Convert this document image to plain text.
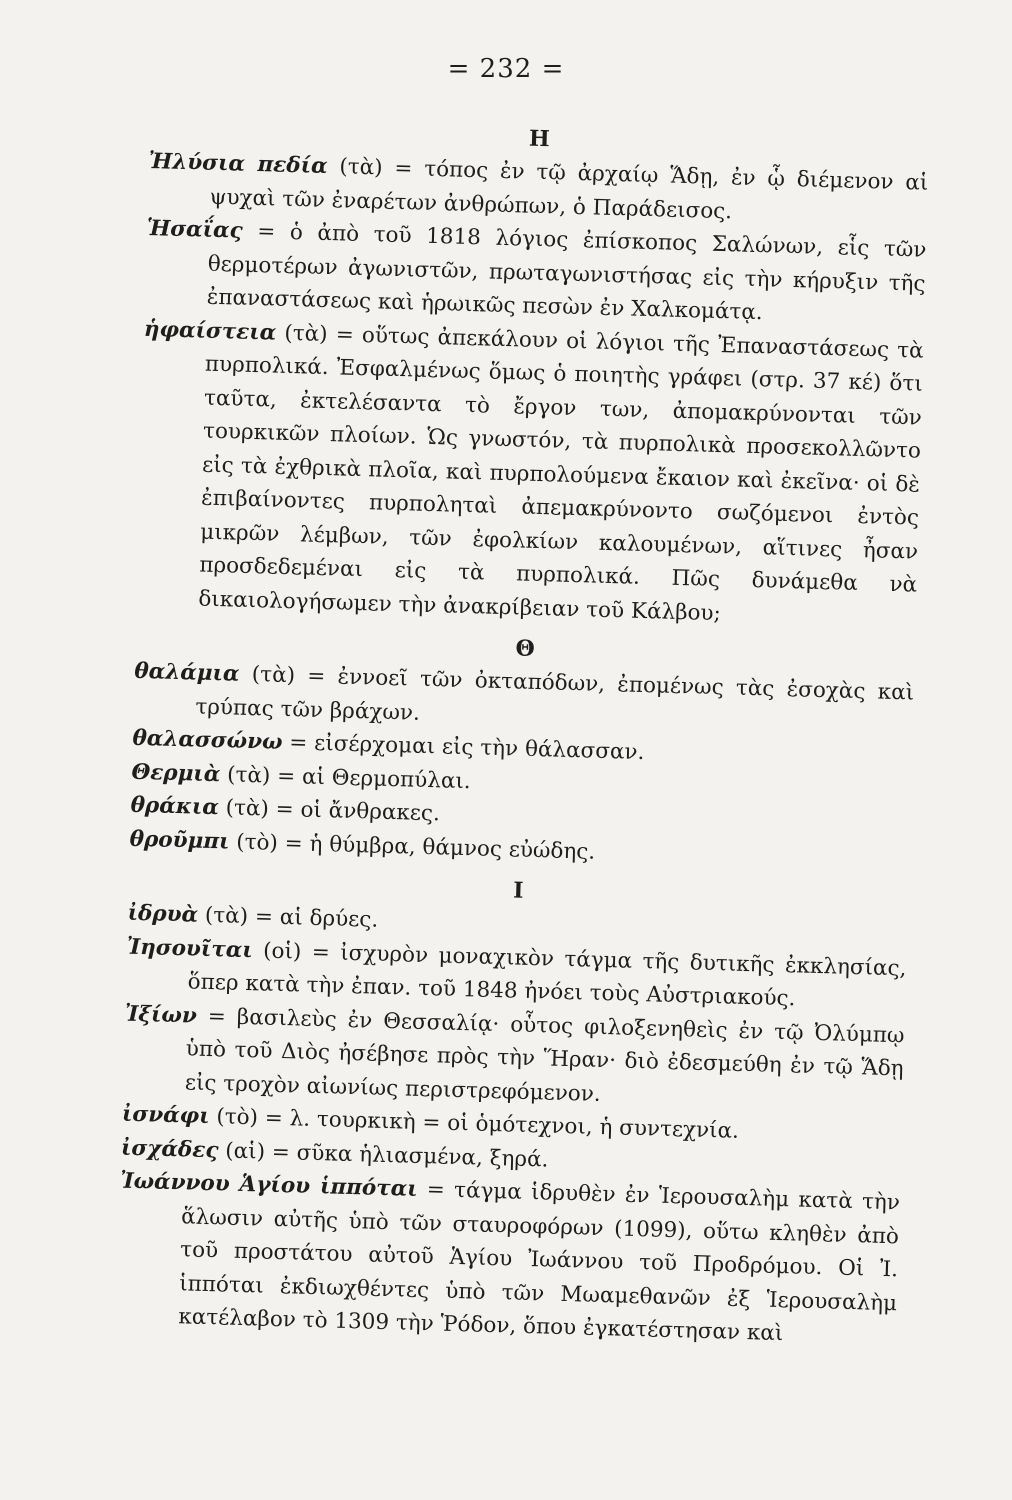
= 232 =
Η

Ἠλύσια πεδία (τὰ) = τόπος ἐν τῷ ἀρχαίῳ Ἅδῃ, ἐν ᾧ διέμενον αἱ ψυχαὶ τῶν ἐναρέτων ἀνθρώπων, ὁ Παράδεισος.

Ἡσαΐας = ὁ ἀπὸ τοῦ 1818 λόγιος ἐπίσκοπος Σαλώνων, εἷς τῶν θερμοτέρων ἀγωνιστῶν, πρωταγωνιστήσας εἰς τὴν κήρυξιν τῆς ἐπαναστάσεως καὶ ἡρωικῶς πεσὼν ἐν Χαλκομάτᾳ.

ἡφαίστεια (τὰ) = οὕτως ἀπεκάλουν οἱ λόγιοι τῆς Ἐπαναστάσεως τὰ πυρπολικά. Ἐσφαλμένως ὅμως ὁ ποιητὴς γράφει (στρ. 37 κέ) ὅτι ταῦτα, ἐκτελέσαντα τὸ ἔργον των, ἀπομακρύνονται τῶν τουρκικῶν πλοίων. Ὡς γνωστόν, τὰ πυρπολικὰ προσεκολλῶντο εἰς τὰ ἐχθρικὰ πλοῖα, καὶ πυρπολούμενα ἔκαιον καὶ ἐκεῖνα· οἱ δὲ ἐπιβαίνοντες πυρποληταὶ ἀπεμακρύνοντο σωζόμενοι ἐντὸς μικρῶν λέμβων, τῶν ἐφολκίων καλουμένων, αἵτινες ἦσαν προσδεδεμέναι εἰς τὰ πυρπολικά. Πῶς δυνάμεθα νὰ δικαιολογήσωμεν τὴν ἀνακρίβειαν τοῦ Κάλβου;

Θ

θαλάμια (τὰ) = ἐννοεῖ τῶν ὀκταπόδων, ἐπομένως τὰς ἐσοχὰς καὶ τρύπας τῶν βράχων.

θαλασσώνω = εἰσέρχομαι εἰς τὴν θάλασσαν.

Θερμιὰ (τὰ) = αἱ Θερμοπύλαι.

θράκια (τὰ) = οἱ ἄνθρακες.

θροῦμπι (τὸ) = ἡ θύμβρα, θάμνος εὐώδης.

Ι

ἰδρυὰ (τὰ) = αἱ δρύες.

Ἰησουῖται (οἱ) = ἰσχυρὸν μοναχικὸν τάγμα τῆς δυτικῆς ἐκκλησίας, ὅπερ κατὰ τὴν ἐπαν. τοῦ 1848 ἠνόει τοὺς Αὐστριακούς.

Ἰξίων = βασιλεὺς ἐν Θεσσαλίᾳ· οὗτος φιλοξενηθεὶς ἐν τῷ Ὀλύμπῳ ὑπὸ τοῦ Διὸς ἠσέβησε πρὸς τὴν Ἥραν· διὸ ἐδεσμεύθη ἐν τῷ Ἅδῃ εἰς τροχὸν αἰωνίως περιστρεφόμενον.

ἰσνάφι (τὸ) = λ. τουρκικὴ = οἱ ὁμότεχνοι, ἡ συντεχνία.

ἰσχάδες (αἱ) = σῦκα ἡλιασμένα, ξηρά.

Ἰωάννου Ἁγίου ἱππόται = τάγμα ἱδρυθὲν ἐν Ἱερουσαλὴμ κατὰ τὴν ἅλωσιν αὐτῆς ὑπὸ τῶν σταυροφόρων (1099), οὕτω κληθὲν ἀπὸ τοῦ προστάτου αὐτοῦ Ἁγίου Ἰωάννου τοῦ Προδρόμου. Οἱ Ἰ. ἱππόται ἐκδιωχθέντες ὑπὸ τῶν Μωαμεθανῶν ἐξ Ἱερουσαλὴμ κατέλαβον τὸ 1309 τὴν Ῥόδον, ὅπου ἐγκατέστησαν καὶ
